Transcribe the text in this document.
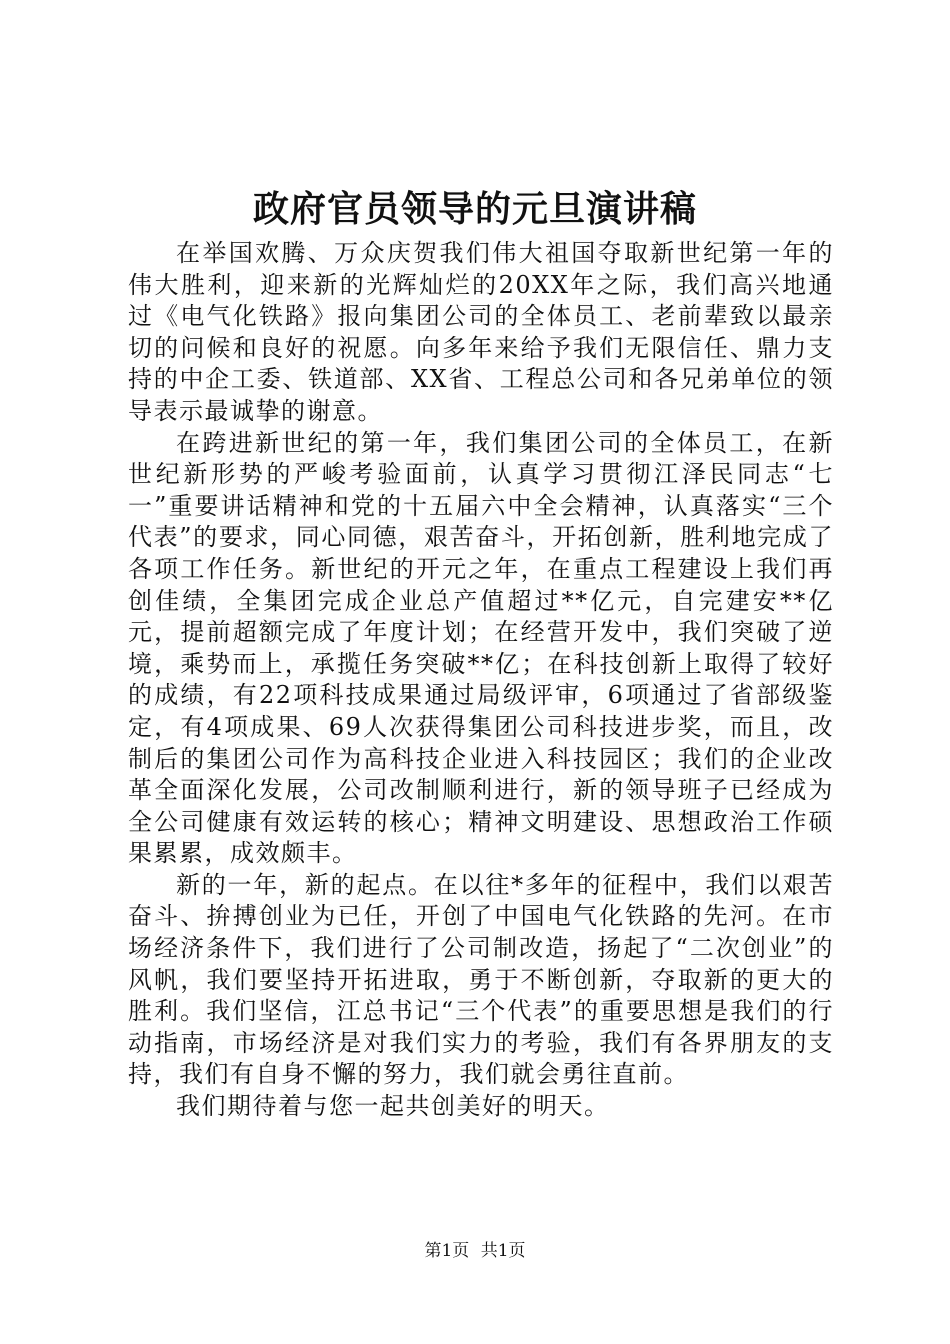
政府官员领导的元旦演讲稿

在举国欢腾、万众庆贺我们伟大祖国夺取新世纪第一年的伟大胜利，迎来新的光辉灿烂的20XX年之际，我们高兴地通过《电气化铁路》报向集团公司的全体员工、老前辈致以最亲切的问候和良好的祝愿。向多年来给予我们无限信任、鼎力支持的中企工委、铁道部、XX省、工程总公司和各兄弟单位的领导表示最诚挚的谢意。

在跨进新世纪的第一年，我们集团公司的全体员工，在新世纪新形势的严峻考验面前，认真学习贯彻江泽民同志“七一”重要讲话精神和党的十五届六中全会精神，认真落实“三个代表”的要求，同心同德，艰苦奋斗，开拓创新，胜利地完成了各项工作任务。新世纪的开元之年，在重点工程建设上我们再创佳绩，全集团完成企业总产值超过**亿元，自完建安**亿元，提前超额完成了年度计划；在经营开发中，我们突破了逆境，乘势而上，承揽任务突破**亿；在科技创新上取得了较好的成绩，有22项科技成果通过局级评审，6项通过了省部级鉴定，有4项成果、69人次获得集团公司科技进步奖，而且，改制后的集团公司作为高科技企业进入科技园区；我们的企业改革全面深化发展，公司改制顺利进行，新的领导班子已经成为全公司健康有效运转的核心；精神文明建设、思想政治工作硕果累累，成效颇丰。

新的一年，新的起点。在以往*多年的征程中，我们以艰苦奋斗、拚搏创业为已任，开创了中国电气化铁路的先河。在市场经济条件下，我们进行了公司制改造，扬起了“二次创业”的风帆，我们要坚持开拓进取，勇于不断创新，夺取新的更大的胜利。我们坚信，江总书记“三个代表”的重要思想是我们的行动指南，市场经济是对我们实力的考验，我们有各界朋友的支持，我们有自身不懈的努力，我们就会勇往直前。

我们期待着与您一起共创美好的明天。

第1页 共1页
